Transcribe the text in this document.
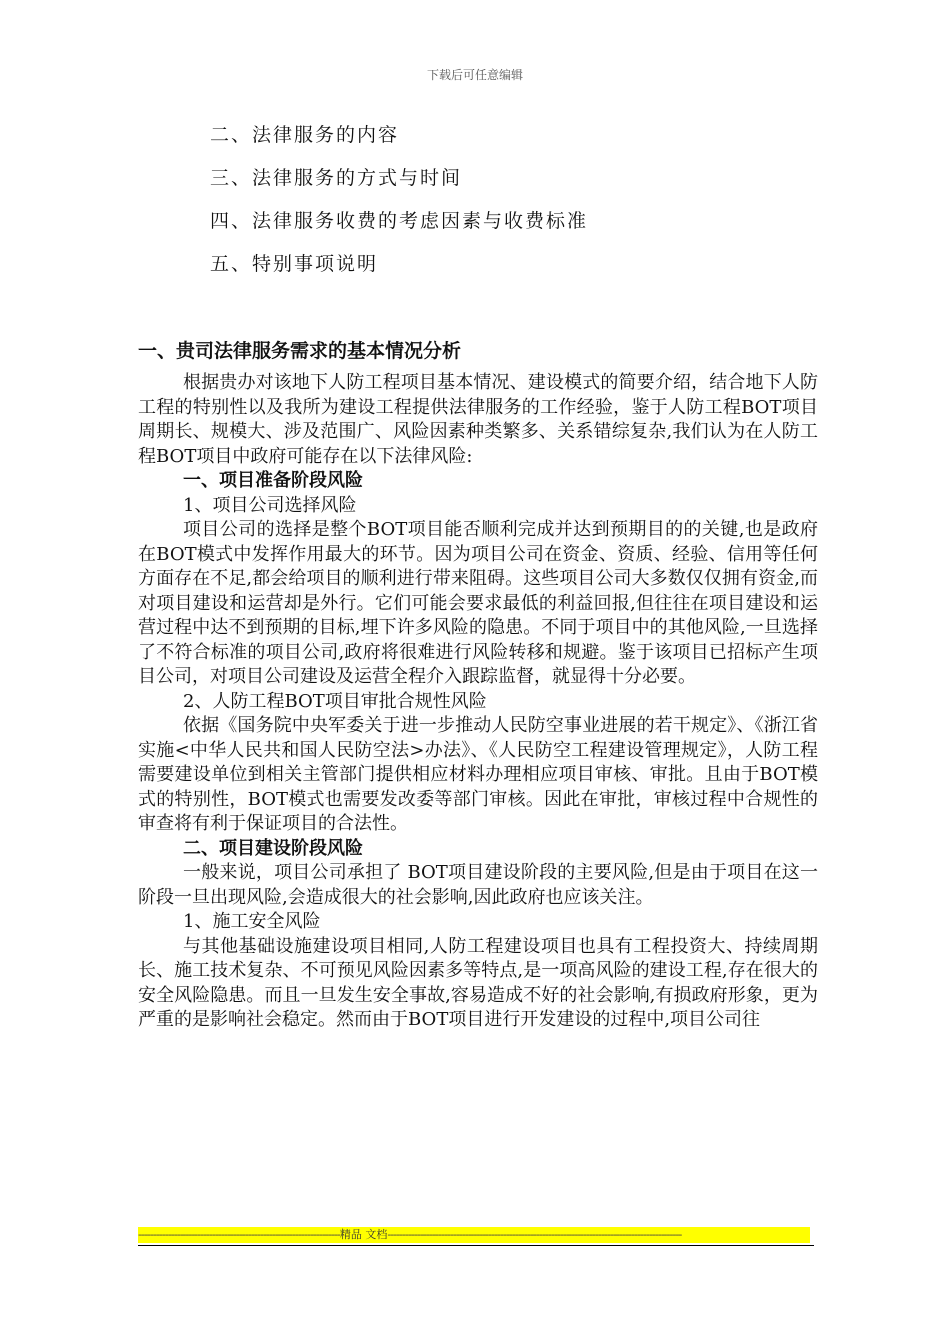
下载后可任意编辑
二、法律服务的内容
三、法律服务的方式与时间
四、法律服务收费的考虑因素与收费标准
五、特别事项说明
一、贵司法律服务需求的基本情况分析

根据贵办对该地下人防工程项目基本情况、建设模式的简要介绍，结合地下人防工程的特别性以及我所为建设工程提供法律服务的工作经验，鉴于人防工程BOT项目周期长、规模大、涉及范围广、风险因素种类繁多、关系错综复杂,我们认为在人防工程BOT项目中政府可能存在以下法律风险:

一、项目准备阶段风险
1、项目公司选择风险

项目公司的选择是整个BOT项目能否顺利完成并达到预期目的的关键,也是政府在BOT模式中发挥作用最大的环节。因为项目公司在资金、资质、经验、信用等任何方面存在不足,都会给项目的顺利进行带来阻碍。这些项目公司大多数仅仅拥有资金,而对项目建设和运营却是外行。它们可能会要求最低的利益回报,但往往在项目建设和运营过程中达不到预期的目标,埋下许多风险的隐患。不同于项目中的其他风险,一旦选择了不符合标准的项目公司,政府将很难进行风险转移和规避。鉴于该项目已招标产生项目公司，对项目公司建设及运营全程介入跟踪监督，就显得十分必要。

2、人防工程BOT项目审批合规性风险

依据《国务院中央军委关于进一步推动人民防空事业进展的若干规定》、《浙江省实施<中华人民共和国人民防空法>办法》、《人民防空工程建设管理规定》，人防工程需要建设单位到相关主管部门提供相应材料办理相应项目审核、审批。且由于BOT模式的特别性，BOT模式也需要发改委等部门审核。因此在审批，审核过程中合规性的审查将有利于保证项目的合法性。

二、项目建设阶段风险

一般来说，项目公司承担了 BOT项目建设阶段的主要风险,但是由于项目在这一阶段一旦出现风险,会造成很大的社会影响,因此政府也应该关注。

1、施工安全风险

与其他基础设施建设项目相同,人防工程建设项目也具有工程投资大、持续周期长、施工技术复杂、不可预见风险因素多等特点,是一项高风险的建设工程,存在很大的安全风险隐患。而且一旦发生安全事故,容易造成不好的社会影响,有损政府形象，更为严重的是影响社会稳定。然而由于BOT项目进行开发建设的过程中,项目公司往

--------------------------------------------------------------------精品 文档---------------------------------------------------------------------------------------------------
